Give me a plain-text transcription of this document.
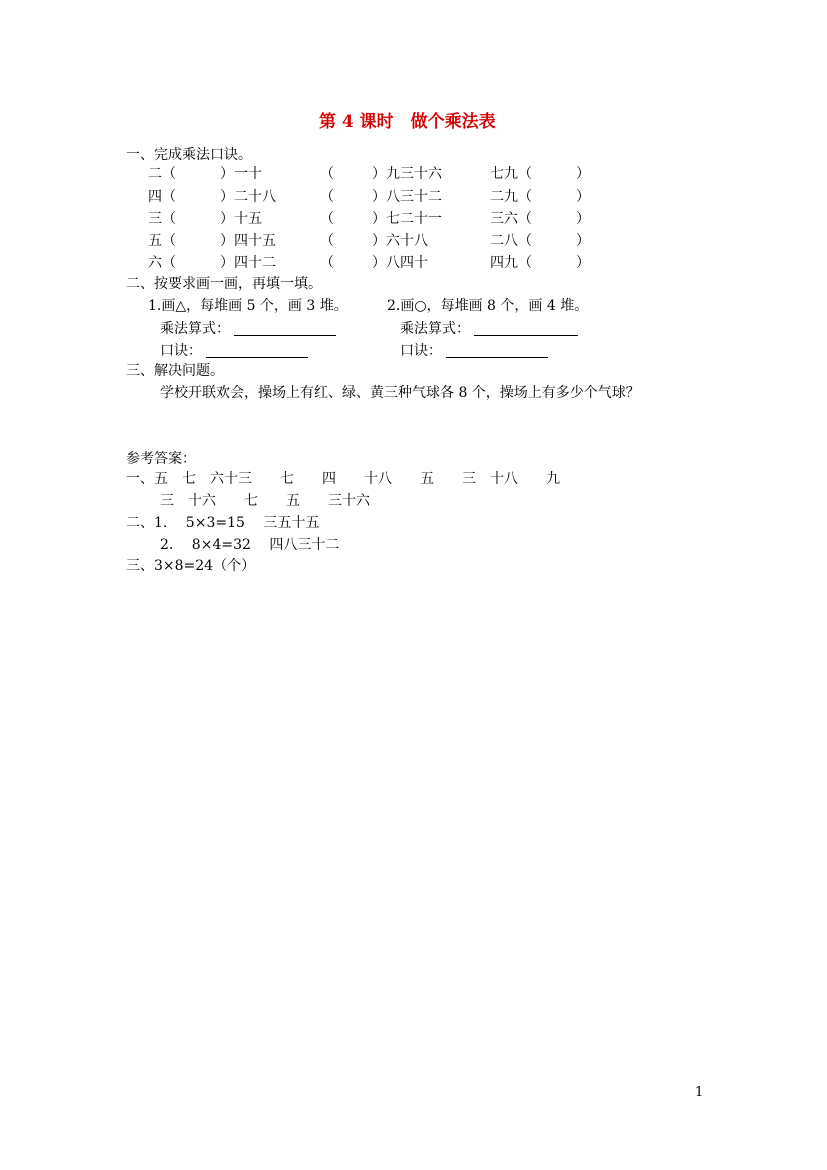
第 4 课时　做个乘法表
一、完成乘法口诀。
二（	）一十	（	）九三十六	七九（	）
四（	）二十八	（	）八三十二	二九（	）
三（	）十五	（	）七二十一	三六（	）
五（	）四十五	（	）六十八	二八（	）
六（	）四十二	（	）八四十	四九（	）
二、按要求画一画，再填一填。
1.画△，每堆画 5 个，画 3 堆。	2.画○，每堆画 8 个，画 4 堆。
乘法算式：	乘法算式：
口诀：	口诀：
三、解决问题。
学校开联欢会，操场上有红、绿、黄三种气球各 8 个，操场上有多少个气球？
参考答案：
一、五　七　六十三　　七　　四　　十八　　五　　三　十八　　九
三　十六　　七　　五　　三十六
二、1.　 5×3=15　 三五十五
2.　 8×4=32　 四八三十二
三、3×8=24（个）
1
